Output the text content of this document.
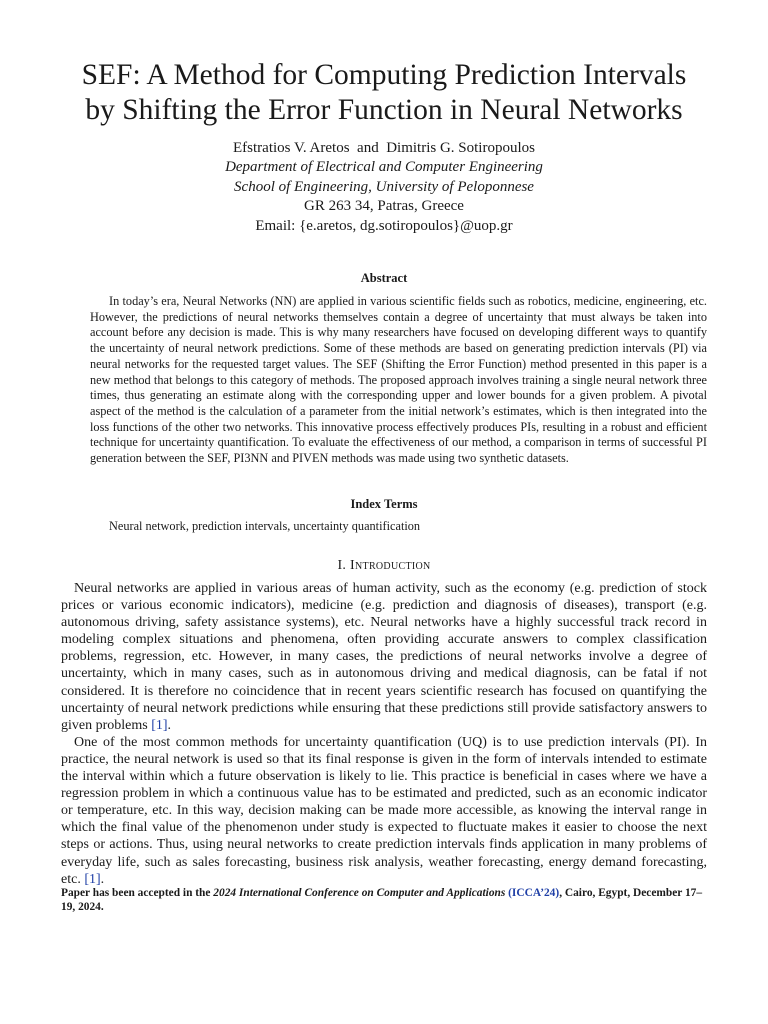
SEF: A Method for Computing Prediction Intervals
by Shifting the Error Function in Neural Networks
Efstratios V. Aretos  and  Dimitris G. Sotiropoulos
Department of Electrical and Computer Engineering
School of Engineering, University of Peloponnese
GR 263 34, Patras, Greece
Email: {e.aretos, dg.sotiropoulos}@uop.gr
Abstract

In today’s era, Neural Networks (NN) are applied in various scientific fields such as robotics, medicine, engineering, etc. However, the predictions of neural networks themselves contain a degree of uncertainty that must always be taken into account before any decision is made. This is why many researchers have focused on developing different ways to quantify the uncertainty of neural network predictions. Some of these methods are based on generating prediction intervals (PI) via neural networks for the requested target values. The SEF (Shifting the Error Function) method presented in this paper is a new method that belongs to this category of methods. The proposed approach involves training a single neural network three times, thus generating an estimate along with the corresponding upper and lower bounds for a given problem. A pivotal aspect of the method is the calculation of a parameter from the initial network’s estimates, which is then integrated into the loss functions of the other two networks. This innovative process effectively produces PIs, resulting in a robust and efficient technique for uncertainty quantification. To evaluate the effectiveness of our method, a comparison in terms of successful PI generation between the SEF, PI3NN and PIVEN methods was made using two synthetic datasets.

Index Terms
Neural network, prediction intervals, uncertainty quantification
I. Introduction

Neural networks are applied in various areas of human activity, such as the economy (e.g. prediction of stock prices or various economic indicators), medicine (e.g. prediction and diagnosis of diseases), transport (e.g. autonomous driving, safety assistance systems), etc. Neural networks have a highly successful track record in modeling complex situations and phenomena, often providing accurate answers to complex classification problems, regression, etc. However, in many cases, the predictions of neural networks involve a degree of uncertainty, which in many cases, such as in autonomous driving and medical diagnosis, can be fatal if not considered. It is therefore no coincidence that in recent years scientific research has focused on quantifying the uncertainty of neural network predictions while ensuring that these predictions still provide satisfactory answers to given problems [1].

One of the most common methods for uncertainty quantification (UQ) is to use prediction intervals (PI). In practice, the neural network is used so that its final response is given in the form of intervals intended to estimate the interval within which a future observation is likely to lie. This practice is beneficial in cases where we have a regression problem in which a continuous value has to be estimated and predicted, such as an economic indicator or temperature, etc. In this way, decision making can be made more accessible, as knowing the interval range in which the final value of the phenomenon under study is expected to fluctuate makes it easier to choose the next steps or actions. Thus, using neural networks to create prediction intervals finds application in many problems of everyday life, such as sales forecasting, business risk analysis, weather forecasting, energy demand forecasting, etc. [1].

Paper has been accepted in the 2024 International Conference on Computer and Applications (ICCA’24), Cairo, Egypt, December 17–19, 2024.
